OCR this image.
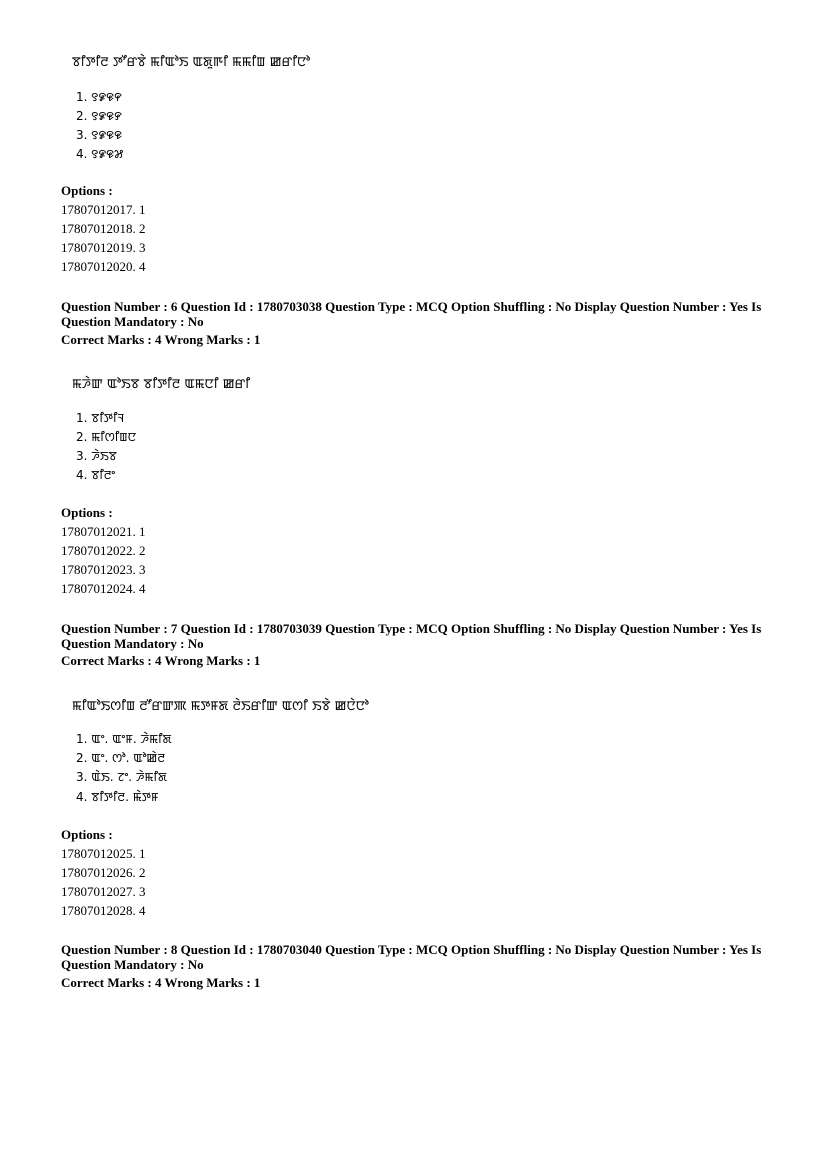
ꯕꯤꯇꯤꯂ ꯇꯧꯔꯕꯥ ꯃꯤꯑꯣꯏ ꯑꯗꯨꯒꯤ ꯃꯃꯤꯡ ꯀꯔꯤꯅꯣ
1. ꯱꯹꯶꯵
2. ꯱꯹꯶꯸
3. ꯱꯹꯶꯶
4. ꯱꯹꯶꯷
Options :
17807012017. 1
17807012018. 2
17807012019. 3
17807012020. 4
Question Number : 6 Question Id : 1780703038 Question Type : MCQ Option Shuffling : No Display Question Number : Yes Is
Question Mandatory : No
Correct Marks : 4 Wrong Marks : 1
ꯃꯍꯥꯛ ꯑꯣꯏꯕ ꯕꯤꯇꯤꯂ ꯑꯃꯅꯤ ꯀꯔꯤ
1. ꯕꯤꯇꯤꯜ
2. ꯃꯤꯁꯤꯡꯅ
3. ꯍꯥꯏꯕ
4. ꯕꯤꯂꯦ
Options :
17807012021. 1
17807012022. 2
17807012023. 3
17807012024. 4
Question Number : 7 Question Id : 1780703039 Question Type : MCQ Option Shuffling : No Display Question Number : Yes Is
Question Mandatory : No
Correct Marks : 4 Wrong Marks : 1
ꯃꯤꯑꯣꯏꯁꯤꯡ ꯂꯧꯔꯛꯄ ꯃꯇꯝꯗ ꯂꯥꯏꯔꯤꯛ ꯑꯁꯤ ꯏꯕꯥ ꯀꯅꯥꯅꯣ
1. ꯑꯦ. ꯑꯦꯝ. ꯍꯥꯃꯤꯗ
2. ꯑꯦ. ꯁꯣ. ꯑꯣꯀꯥꯂ
3. ꯑꯥꯏ. ꯖꯦ. ꯍꯥꯃꯤꯗ
4. ꯕꯤꯇꯤꯂ. ꯃꯥꯇꯝ
Options :
17807012025. 1
17807012026. 2
17807012027. 3
17807012028. 4
Question Number : 8 Question Id : 1780703040 Question Type : MCQ Option Shuffling : No Display Question Number : Yes Is
Question Mandatory : No
Correct Marks : 4 Wrong Marks : 1
